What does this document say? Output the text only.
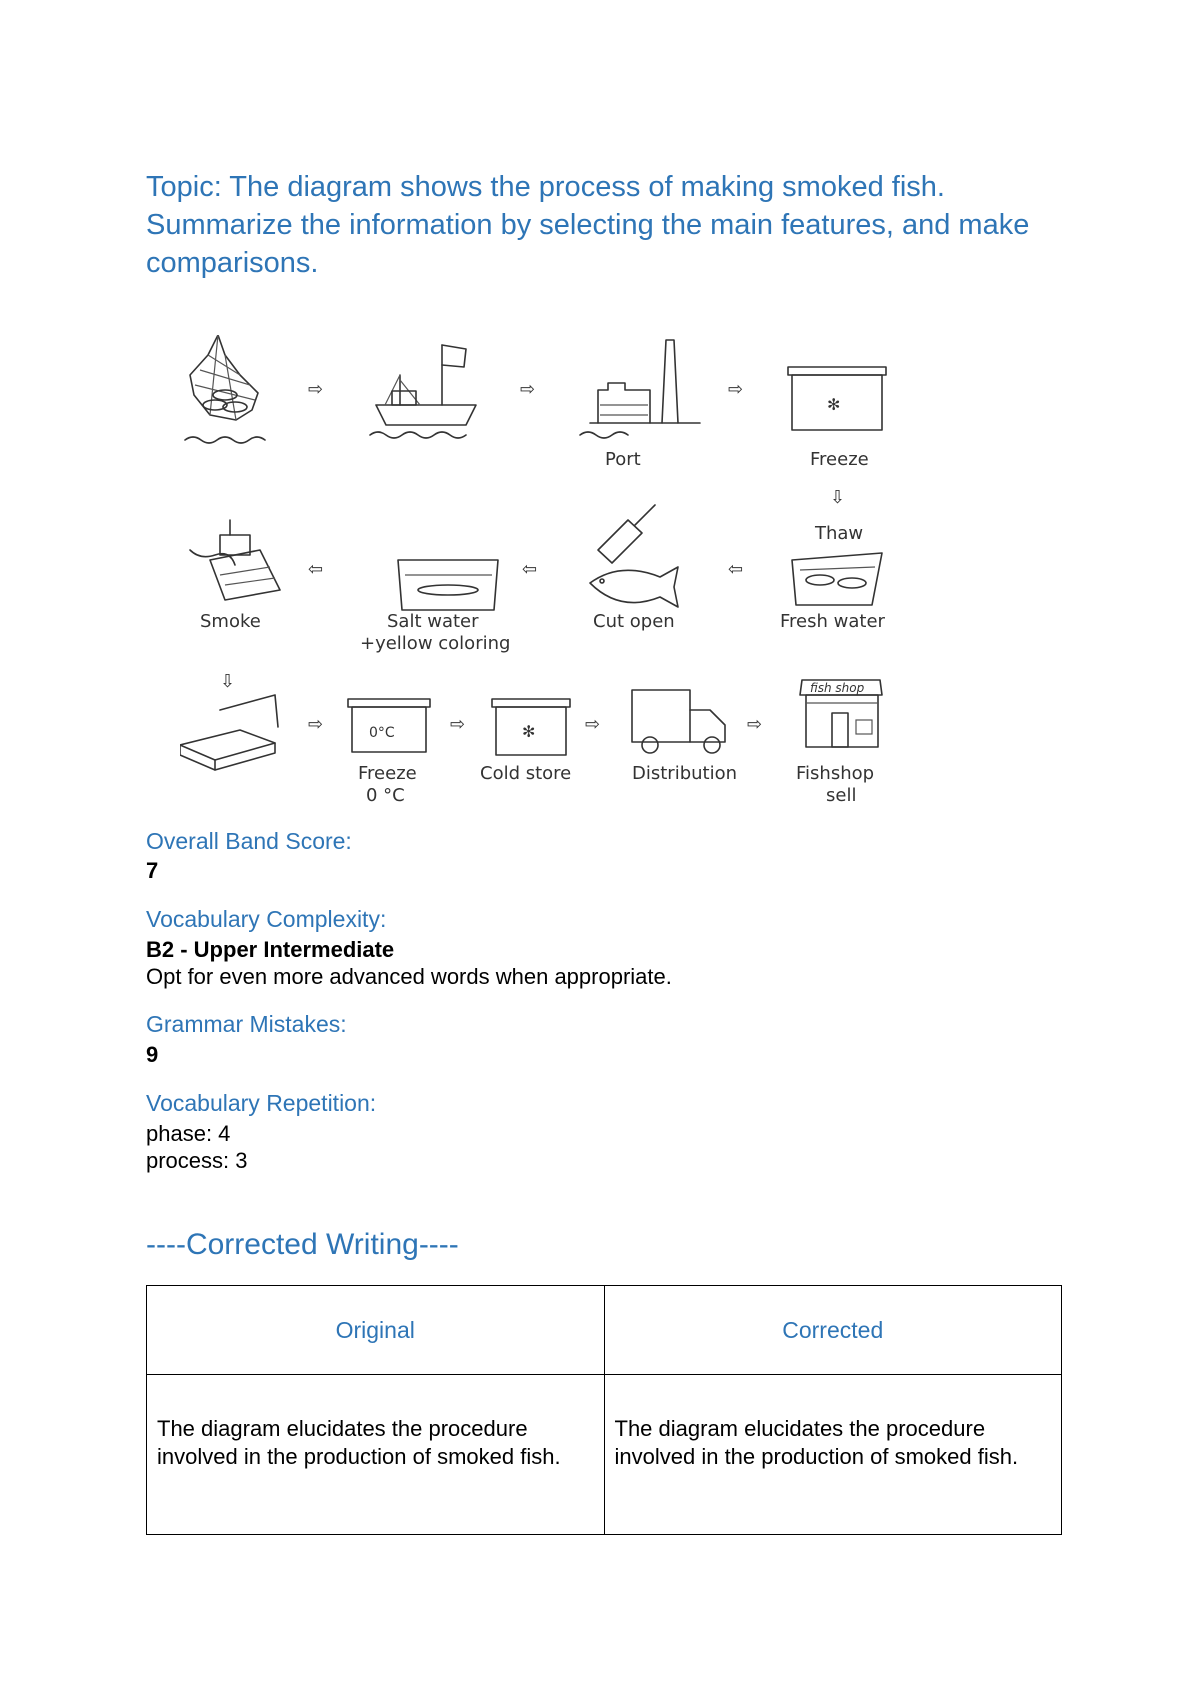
Topic: The diagram shows the process of making smoked fish. Summarize the information by selecting the main features, and make comparisons.
⇨	⇨
Port
⇨
✻
Freeze
⇩
Thaw
Fresh water
⇦
Cut open
⇦
Salt water
+yellow coloring
⇦
Smoke
⇩
⇨	0°C
Freeze
0 °C
⇨	✻
Cold store
⇨
Distribution
⇨
fish shop
Fishshop
sell
Overall Band Score:
7
Vocabulary Complexity:
B2 - Upper Intermediate
Opt for even more advanced words when appropriate.
Grammar Mistakes:
9
Vocabulary Repetition:
phase: 4
process: 3
----Corrected Writing----
Original	Corrected
The diagram elucidates the procedure involved in the production of smoked fish.	The diagram elucidates the procedure involved in the production of smoked fish.
